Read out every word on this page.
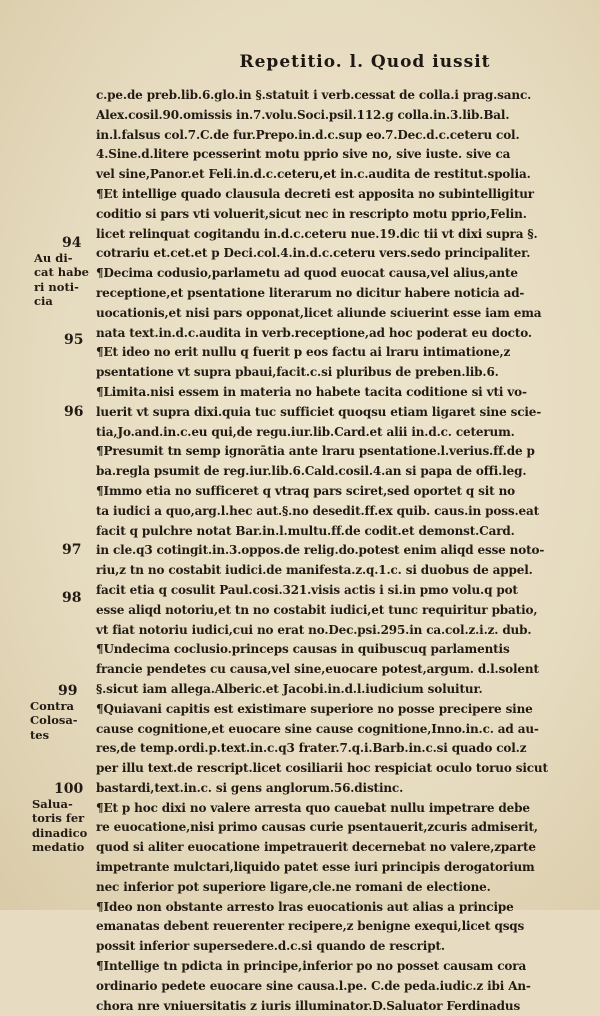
Repetitio. l. Quod iussit
c.pe.de preb.lib.6.glo.in §.statuit i verb.cessat de colla.i prag.sanc.
Alex.cosil.90.omissis in.7.volu.Soci.psil.112.g colla.in.3.lib.Bal.
in.l.falsus col.7.C.de fur.Prepo.in.d.c.sup eo.7.Dec.d.c.ceteru col.
4.Sine.d.litere pcesserint motu pprio sive no, sive iuste. sive ca
vel sine,Panor.et Feli.in.d.c.ceteru,et in.c.audita de restitut.spolia.
¶Et intellige quado clausula decreti est apposita no subintelligitur
coditio si pars vti voluerit,sicut nec in rescripto motu pprio,Felin.
licet relinquat cogitandu in.d.c.ceteru nue.19.dic tii vt dixi supra §.
cotrariu et.cet.et p Deci.col.4.in.d.c.ceteru vers.sedo principaliter.
¶Decima codusio,parlametu ad quod euocat causa,vel alius,ante
receptione,et psentatione literarum no dicitur habere noticia ad-
uocationis,et nisi pars opponat,licet aliunde sciuerint esse iam ema
nata text.in.d.c.audita in verb.receptione,ad hoc poderat eu docto.
¶Et ideo no erit nullu q fuerit p eos factu ai lraru intimatione,z
psentatione vt supra pbaui,facit.c.si pluribus de preben.lib.6.
¶Limita.nisi essem in materia no habete tacita coditione si vti vo-
luerit vt supra dixi.quia tuc sufficiet quoqsu etiam ligaret sine scie-
tia,Jo.and.in.c.eu qui,de regu.iur.lib.Card.et alii in.d.c. ceterum.
¶Presumit tn semp ignorātia ante lraru psentatione.l.verius.ff.de p
ba.regla psumit de reg.iur.lib.6.Cald.cosil.4.an si papa de offi.leg.
¶Immo etia no sufficeret q vtraq pars sciret,sed oportet q sit no
ta iudici a quo,arg.l.hec aut.§.no desedit.ff.ex quib. caus.in poss.eat
facit q pulchre notat Bar.in.l.multu.ff.de codit.et demonst.Card.
in cle.q3 cotingit.in.3.oppos.de relig.do.potest enim aliqd esse noto-
riu,z tn no costabit iudici.de manifesta.z.q.1.c. si duobus de appel.
facit etia q cosulit Paul.cosi.321.visis actis i si.in pmo volu.q pot
esse aliqd notoriu,et tn no costabit iudici,et tunc requiritur pbatio,
vt fiat notoriu iudici,cui no erat no.Dec.psi.295.in ca.col.z.i.z. dub.
¶Undecima coclusio.princeps causas in quibuscuq parlamentis
francie pendetes cu causa,vel sine,euocare potest,argum. d.l.solent
§.sicut iam allega.Alberic.et Jacobi.in.d.l.iudicium soluitur.
¶Quiavani capitis est existimare superiore no posse precipere sine
cause cognitione,et euocare sine cause cognitione,Inno.in.c. ad au-
res,de temp.ordi.p.text.in.c.q3 frater.7.q.i.Barb.in.c.si quado col.z
per illu text.de rescript.licet cosiliarii hoc respiciat oculo toruo sicut
bastardi,text.in.c. si gens anglorum.56.distinc.
¶Et p hoc dixi no valere arresta quo cauebat nullu impetrare debe
re euocatione,nisi primo causas curie psentauerit,zcuris admiserit,
quod si aliter euocatione impetrauerit decernebat no valere,zparte
impetrante mulctari,liquido patet esse iuri principis derogatorium
nec inferior pot superiore ligare,cle.ne romani de electione.
¶Ideo non obstante arresto lras euocationis aut alias a principe
emanatas debent reuerenter recipere,z benigne exequi,licet qsqs
possit inferior supersedere.d.c.si quando de rescript.
¶Intellige tn pdicta in principe,inferior po no posset causam cora
ordinario pedete euocare sine causa.l.pe. C.de peda.iudic.z ibi An-
chora nre vniuersitatis z iuris illuminator.D.Saluator Ferdinadus
94
Au di-
cat habe
ri noti-
cia
95
96
97
98
99
Contra
Colosa-
tes
100
Salua-
toris fer
dinadico
medatio
